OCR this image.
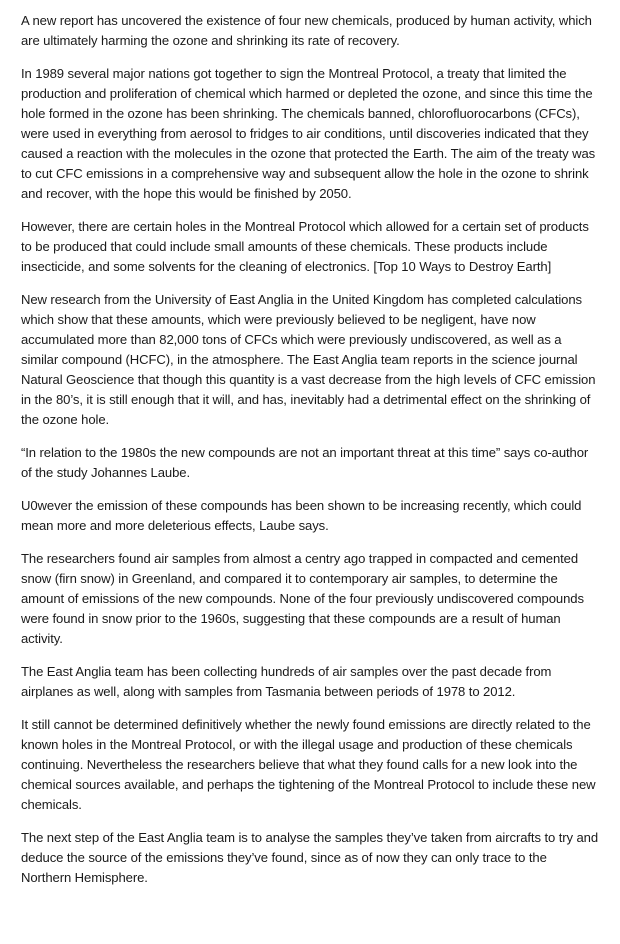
A new report has uncovered the existence of four new chemicals, produced by human activity, which are ultimately harming the ozone and shrinking its rate of recovery.

In 1989 several major nations got together to sign the Montreal Protocol, a treaty that limited the production and proliferation of chemical which harmed or depleted the ozone, and since this time the hole formed in the ozone has been shrinking. The chemicals banned, chlorofluorocarbons (CFCs), were used in everything from aerosol to fridges to air conditions, until discoveries indicated that they caused a reaction with the molecules in the ozone that protected the Earth. The aim of the treaty was to cut CFC emissions in a comprehensive way and subsequent allow the hole in the ozone to shrink and recover, with the hope this would be finished by 2050.

However, there are certain holes in the Montreal Protocol which allowed for a certain set of products to be produced that could include small amounts of these chemicals. These products include insecticide, and some solvents for the cleaning of electronics. [Top 10 Ways to Destroy Earth]

New research from the University of East Anglia in the United Kingdom has completed calculations which show that these amounts, which were previously believed to be negligent, have now accumulated more than 82,000 tons of CFCs which were previously undiscovered, as well as a similar compound (HCFC), in the atmosphere. The East Anglia team reports in the science journal Natural Geoscience that though this quantity is a vast decrease from the high levels of CFC emission in the 80’s, it is still enough that it will, and has, inevitably had a detrimental effect on the shrinking of the ozone hole.

“In relation to the 1980s the new compounds are not an important threat at this time” says co-author of the study Johannes Laube.

U0wever the emission of these compounds has been shown to be increasing recently, which could mean more and more deleterious effects, Laube says.

The researchers found air samples from almost a centry ago trapped in compacted and cemented snow (firn snow) in Greenland, and compared it to contemporary air samples, to determine the amount of emissions of the new compounds. None of the four previously undiscovered compounds were found in snow prior to the 1960s, suggesting that these compounds are a result of human activity.

The East Anglia team has been collecting hundreds of air samples over the past decade from airplanes as well, along with samples from Tasmania between periods of 1978 to 2012.

It still cannot be determined definitively whether the newly found emissions are directly related to the known holes in the Montreal Protocol, or with the illegal usage and production of these chemicals continuing. Nevertheless the researchers believe that what they found calls for a new look into the chemical sources available, and perhaps the tightening of the Montreal Protocol to include these new chemicals.

The next step of the East Anglia team is to analyse the samples they’ve taken from aircrafts to try and deduce the source of the emissions they’ve found, since as of now they can only trace to the Northern Hemisphere.
